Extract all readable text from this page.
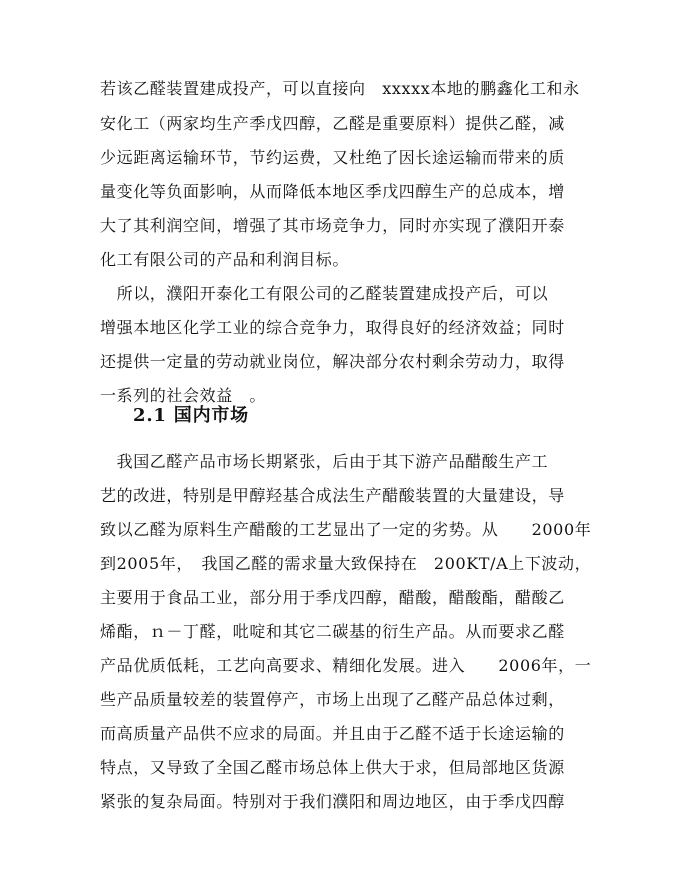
若该乙醛装置建成投产，可以直接向　xxxxx本地的鹏鑫化工和永
安化工（两家均生产季戊四醇，乙醛是重要原料）提供乙醛，减
少远距离运输环节，节约运费，又杜绝了因长途运输而带来的质
量变化等负面影响，从而降低本地区季戊四醇生产的总成本，增
大了其利润空间，增强了其市场竞争力，同时亦实现了濮阳开泰
化工有限公司的产品和利润目标。
　所以，濮阳开泰化工有限公司的乙醛装置建成投产后，可以
增强本地区化学工业的综合竞争力，取得良好的经济效益；同时
还提供一定量的劳动就业岗位，解决部分农村剩余劳动力，取得
一系列的社会效益　。
2.1 国内市场
　我国乙醛产品市场长期紧张，后由于其下游产品醋酸生产工
艺的改进，特别是甲醇羟基合成法生产醋酸装置的大量建设，导
致以乙醛为原料生产醋酸的工艺显出了一定的劣势。从　　2000年
到2005年，　我国乙醛的需求量大致保持在　200KT/A上下波动，
主要用于食品工业，部分用于季戊四醇，醋酸，醋酸酯，醋酸乙
烯酯，ｎ－丁醛，吡啶和其它二碳基的衍生产品。从而要求乙醛
产品优质低耗，工艺向高要求、精细化发展。进入　　2006年，一
些产品质量较差的装置停产，市场上出现了乙醛产品总体过剩，
而高质量产品供不应求的局面。并且由于乙醛不适于长途运输的
特点，又导致了全国乙醛市场总体上供大于求，但局部地区货源
紧张的复杂局面。特别对于我们濮阳和周边地区，由于季戊四醇
